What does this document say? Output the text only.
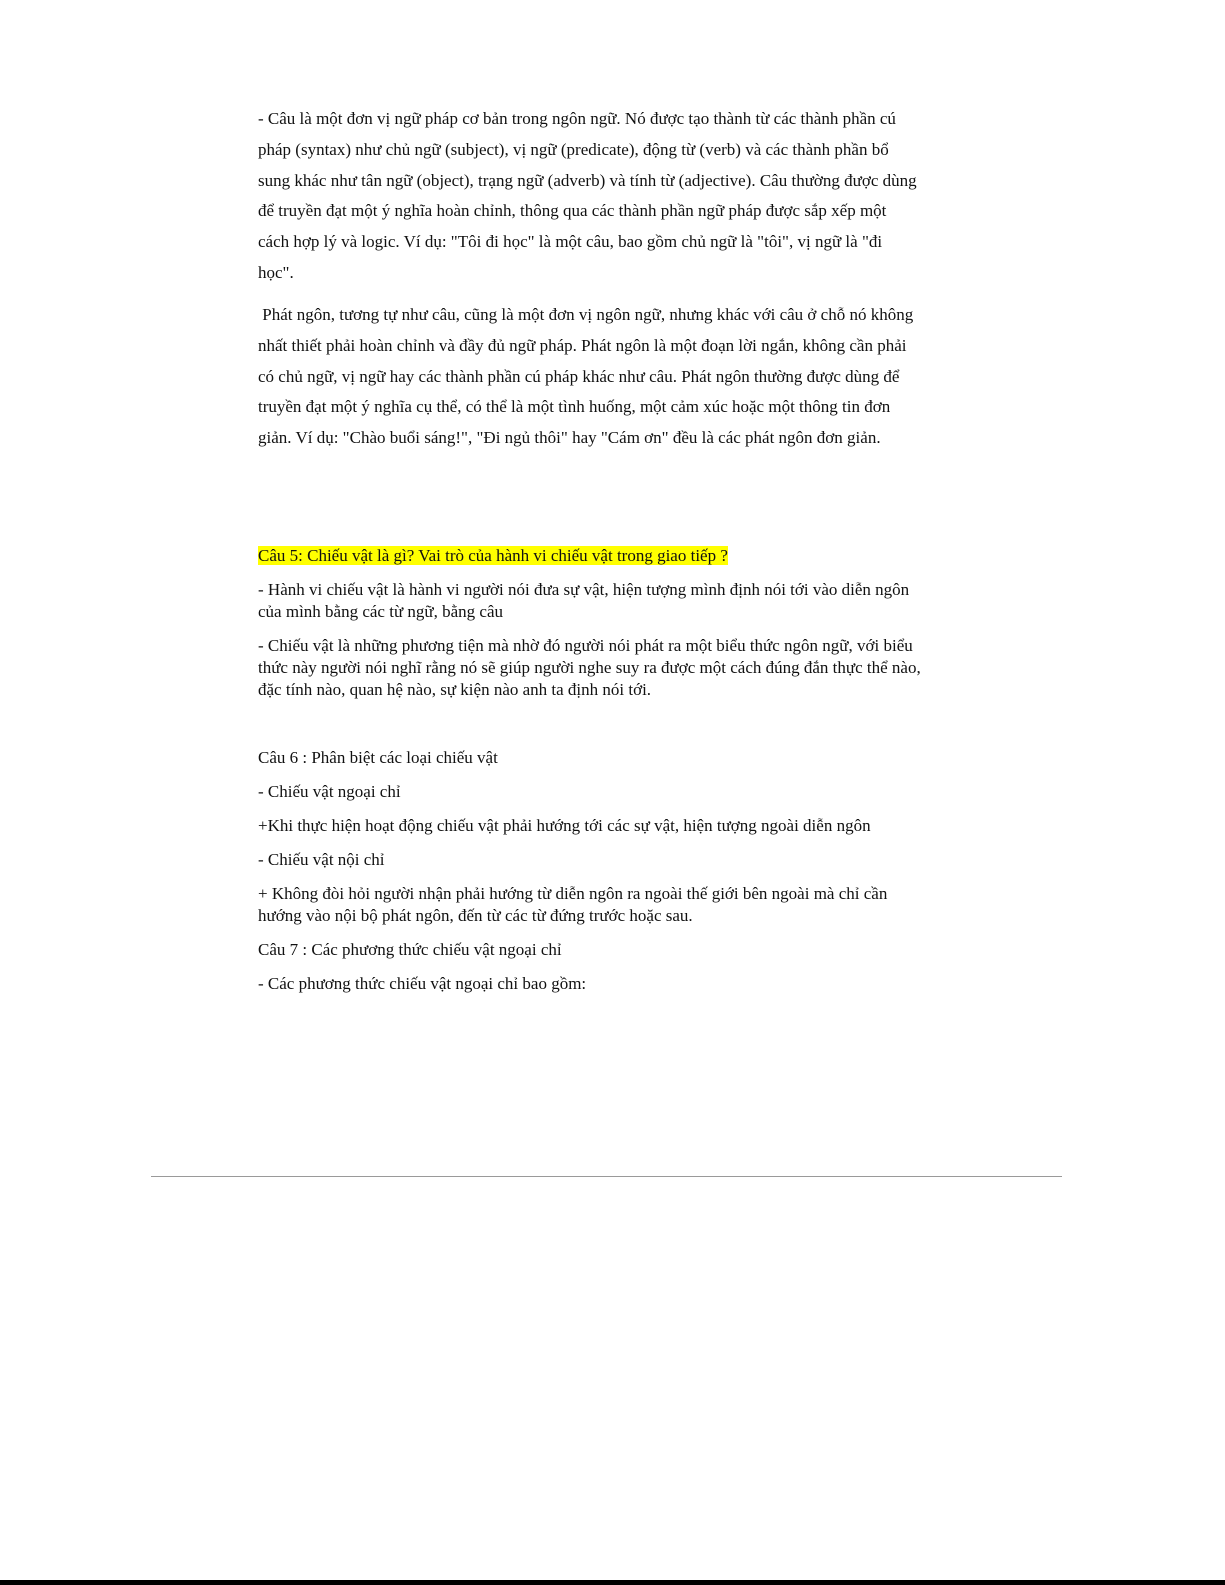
- Câu là một đơn vị ngữ pháp cơ bản trong ngôn ngữ. Nó được tạo thành từ các thành phần cú
pháp (syntax) như chủ ngữ (subject), vị ngữ (predicate), động từ (verb) và các thành phần bổ
sung khác như tân ngữ (object), trạng ngữ (adverb) và tính từ (adjective). Câu thường được dùng
để truyền đạt một ý nghĩa hoàn chỉnh, thông qua các thành phần ngữ pháp được sắp xếp một
cách hợp lý và logic. Ví dụ: "Tôi đi học" là một câu, bao gồm chủ ngữ là "tôi", vị ngữ là "đi
học".
Phát ngôn, tương tự như câu, cũng là một đơn vị ngôn ngữ, nhưng khác với câu ở chỗ nó không
nhất thiết phải hoàn chỉnh và đầy đủ ngữ pháp. Phát ngôn là một đoạn lời ngắn, không cần phải
có chủ ngữ, vị ngữ hay các thành phần cú pháp khác như câu. Phát ngôn thường được dùng để
truyền đạt một ý nghĩa cụ thể, có thể là một tình huống, một cảm xúc hoặc một thông tin đơn
giản. Ví dụ: "Chào buổi sáng!", "Đi ngủ thôi" hay "Cám ơn" đều là các phát ngôn đơn giản.
Câu 5: Chiếu vật là gì? Vai trò của hành vi chiếu vật trong giao tiếp ?
- Hành vi chiếu vật là hành vi người nói đưa sự vật, hiện tượng mình định nói tới vào diễn ngôn
của mình bằng các từ ngữ, bằng câu
- Chiếu vật là những phương tiện mà nhờ đó người nói phát ra một biểu thức ngôn ngữ, với biểu
thức này người nói nghĩ rằng nó sẽ giúp người nghe suy ra được một cách đúng đắn thực thể nào,
đặc tính nào, quan hệ nào, sự kiện nào anh ta định nói tới.
Câu 6 : Phân biệt các loại chiếu vật
- Chiếu vật ngoại chỉ
+Khi thực hiện hoạt động chiếu vật phải hướng tới các sự vật, hiện tượng ngoài diễn ngôn
- Chiếu vật nội chỉ
+ Không đòi hỏi người nhận phải hướng từ diễn ngôn ra ngoài thế giới bên ngoài mà chỉ cần
hướng vào nội bộ phát ngôn, đến từ các từ đứng trước hoặc sau.
Câu 7 : Các phương thức chiếu vật ngoại chỉ
- Các phương thức chiếu vật ngoại chỉ bao gồm:
